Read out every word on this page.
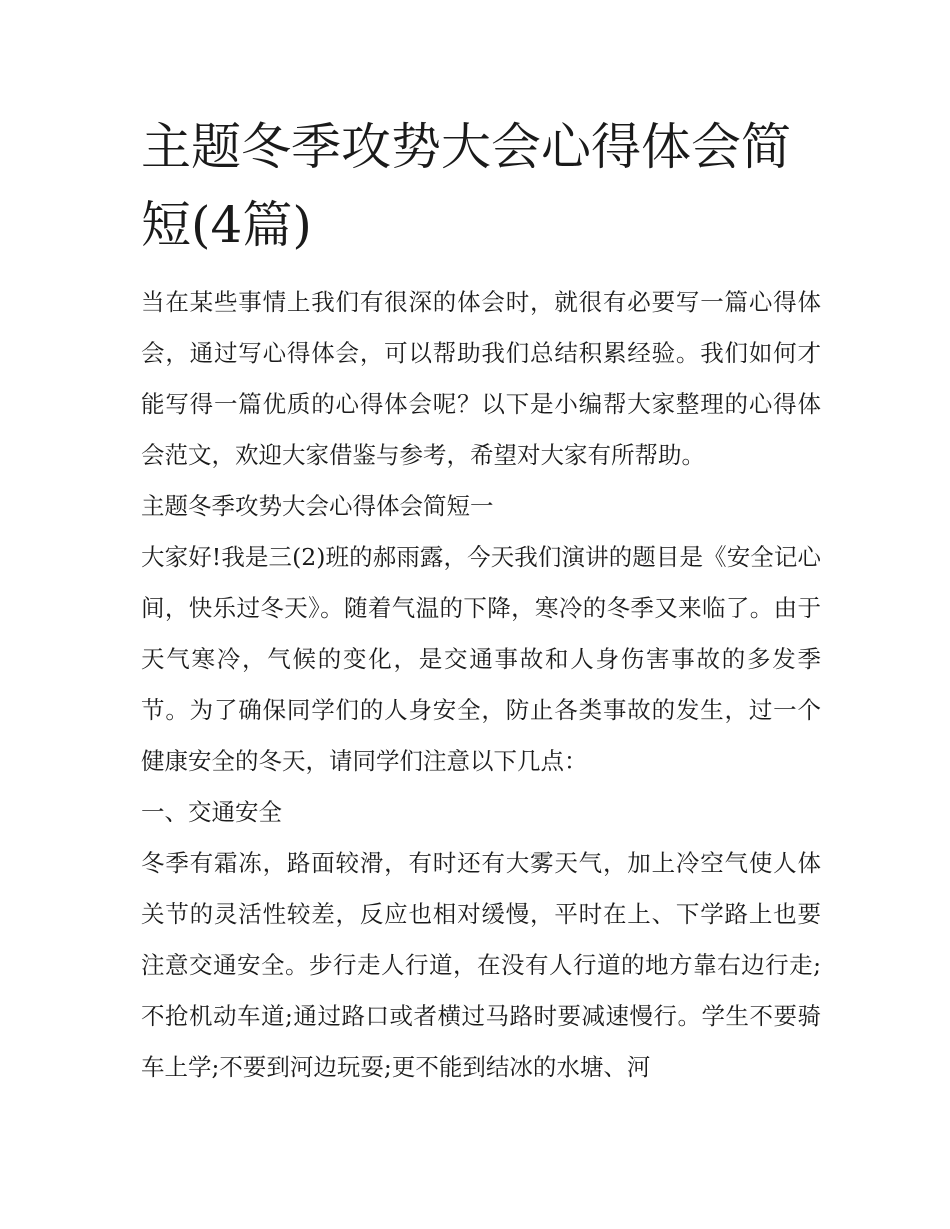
主题冬季攻势大会心得体会简短(4篇)

当在某些事情上我们有很深的体会时，就很有必要写一篇心得体会，通过写心得体会，可以帮助我们总结积累经验。我们如何才能写得一篇优质的心得体会呢？以下是小编帮大家整理的心得体会范文，欢迎大家借鉴与参考，希望对大家有所帮助。

主题冬季攻势大会心得体会简短一

大家好!我是三(2)班的郝雨露，今天我们演讲的题目是《安全记心间，快乐过冬天》。随着气温的下降，寒冷的冬季又来临了。由于天气寒冷，气候的变化，是交通事故和人身伤害事故的多发季节。为了确保同学们的人身安全，防止各类事故的发生，过一个健康安全的冬天，请同学们注意以下几点：

一、交通安全

冬季有霜冻，路面较滑，有时还有大雾天气，加上冷空气使人体关节的灵活性较差，反应也相对缓慢，平时在上、下学路上也要注意交通安全。步行走人行道，在没有人行道的地方靠右边行走;不抢机动车道;通过路口或者横过马路时要减速慢行。学生不要骑车上学;不要到河边玩耍;更不能到结冰的水塘、河
